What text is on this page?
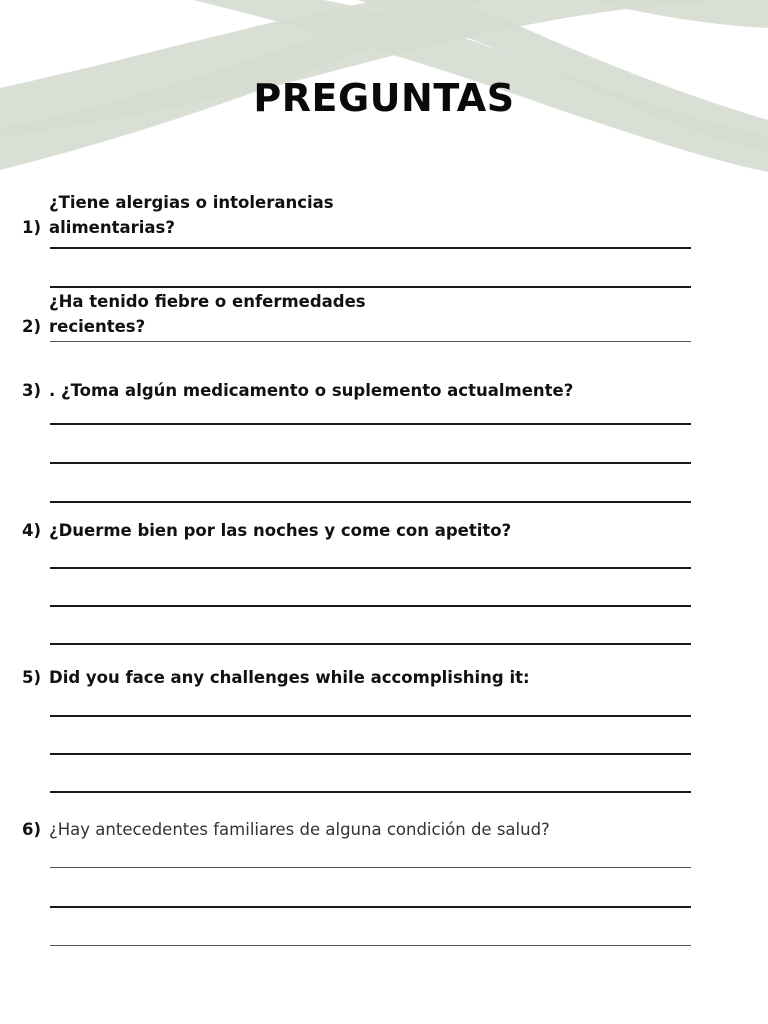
PREGUNTAS
¿Tiene alergias o intolerancias
1) alimentarias?
¿Ha tenido fiebre o enfermedades
2) recientes?
3) . ¿Toma algún medicamento o suplemento actualmente?
4) ¿Duerme bien por las noches y come con apetito?
5) Did you face any challenges while accomplishing it:
6) ¿Hay antecedentes familiares de alguna condición de salud?
